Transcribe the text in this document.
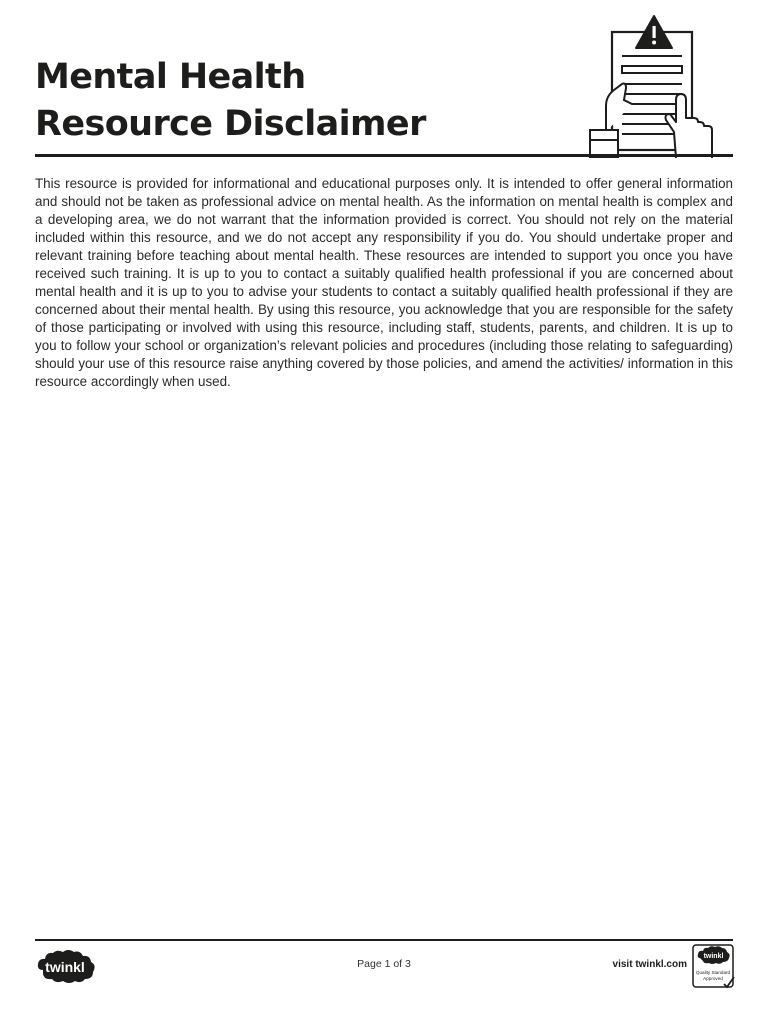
Mental Health
Resource Disclaimer

This resource is provided for informational and educational purposes only. It is intended to offer general information and should not be taken as professional advice on mental health. As the information on mental health is complex and a developing area, we do not warrant that the information provided is correct. You should not rely on the material included within this resource, and we do not accept any responsibility if you do. You should undertake proper and relevant training before teaching about mental health. These resources are intended to support you once you have received such training. It is up to you to contact a suitably qualified health professional if you are concerned about mental health and it is up to you to advise your students to contact a suitably qualified health professional if they are concerned about their mental health. By using this resource, you acknowledge that you are responsible for the safety of those participating or involved with using this resource, including staff, students, parents, and children. It is up to you to follow your school or organization’s relevant policies and procedures (including those relating to safeguarding) should your use of this resource raise anything covered by those policies, and amend the activities/ information in this resource accordingly when used.

twinkl	Page 1 of 3	visit twinkl.com
twinkl
Quality Standard
Approved
